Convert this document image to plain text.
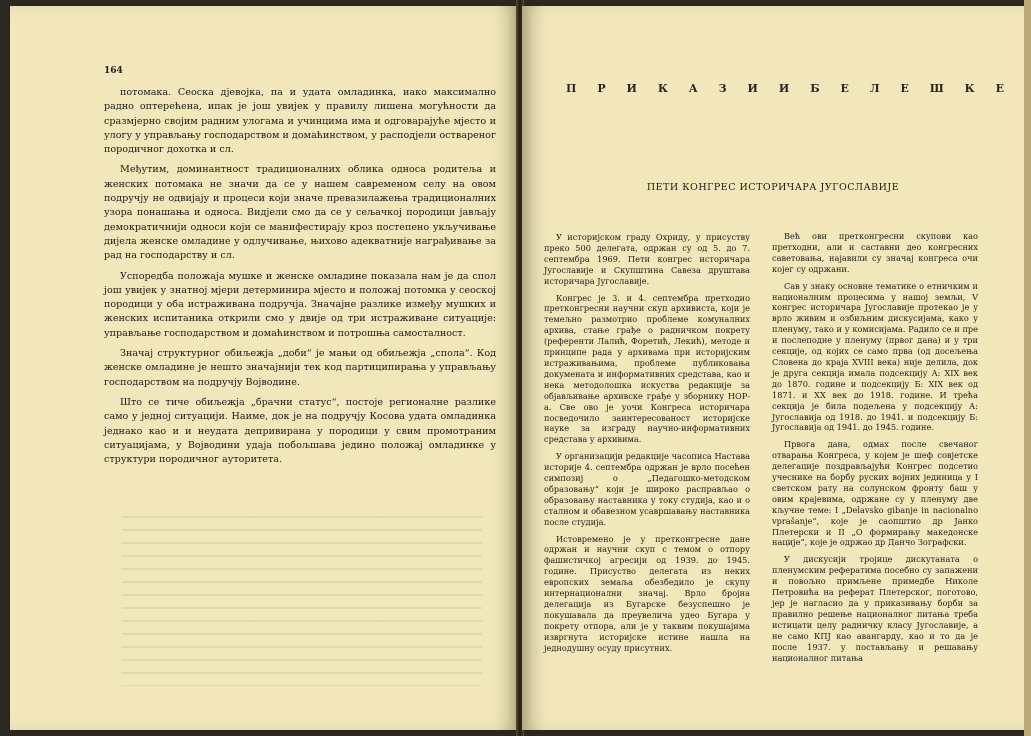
164

потомака. Сеоска дјевојка, па и удата омладинка, иако максимално радно оптерећена, ипак је још увијек у правилу лишена могућности да сразмјерно својим радним улогама и учинцима има и одговарајуће мјесто и улогу у управљању господарством и домаћинством, у расподјели оствареног породичног дохотка и сл.

Међутим, доминантност традиционалних облика односа родитеља и женских потомака не значи да се у нашем савременом селу на овом подручју не одвијају и процеси који значе превазилажења традиционалних узора понашања и односа. Видјели смо да се у сељачкој породици јављају демократичнији односи који се манифестирају кроз постепено укључивање дијела женске омладине у одлучивање, њихово адекватније награђивање за рад на господарству и сл.

Успоредба положаја мушке и женске омладине показала нам је да спол још увијек у знатној мјери детерминира мјесто и положај потомка у сеоској породици у оба истраживана подручја. Значајне разлике између мушких и женских испитаника открили смо у двије од три истраживане ситуације: управљање господарством и домаћинством и потрошња самосталност.

Значај структурног обиљежја „доби“ је мањи од обиљежја „спола“. Код женске омладине је нешто значајнији тек код партиципирања у управљању господарством на подручју Војводине.

Што се тиче обиљежја „брачни статус“, постоје регионалне разлике само у једној ситуацији. Наиме, док је на подручју Косова удата омладинка једнако као и и неудата депривирана у породици у свим промотраним ситуацијама, у Војводини удаја побољшава једино положај омладинке у структури породичног ауторитета.

П Р И К А З И И Б Е Л Е Ш К Е
ПЕТИ КОНГРЕС ИСТОРИЧАРА ЈУГОСЛАВИЈЕ

У историјском граду Охриду, у присуству преко 500 делегата, одржан су од 5. до 7. септембра 1969. Пети конгрес историчара Југославије и Скупштина Савеза друштава историчара Југославије.

Конгрес је 3. и 4. септембра претходио претконгресни научни скуп архивиста, који је темељно размотрио проблеме комуналних архива, стање грађе о радничком покрету (референти Лалић, Форетић, Лекић), методе и принципе рада у архивама при историјским истраживањима, проблеме публиковања докумената и информативних средстава, као и нека методолошка искуства редакције за објављивање архивске грађе у зборнику НОР-а. Све ово је уочи Конгреса историчара посведочило заинтересованост историјске науке за изграду научно-информативних средстава у архивима.

У организацији редакције часописа Настава историје 4. септембра одржан је врло посећен симпозиј о „Педагошко-методском образовању“ који је широко расправљао о образовању наставника у току студија, као и о сталном и обавезном усавршавању наставника после студија.

Истовремено је у претконгресне дане одржан и научни скуп с темом о отпору фашистичкој агресији од 1939. до 1945. године. Присуство делегата из неких европских земаља обезбедило је скупу интернационални значај. Врло бројна делегација из Бугарске безуспешно је покушавала да преувелича удео Бугара у покрету отпора, али је у таквим покушајима извргнута историјске истине нашла на једнодушну осуду присутних.

Већ ови претконгресни скупови као претходни, али и саставни део конгресних саветовања, најавили су значај конгреса очи којег су одржани.

Сав у знаку основне тематике о етничким и националним процесима у нашој земљи, V конгрес историчара Југославије протекао је у врло живим и озбиљним дискусијама, како у пленуму, тако и у комисијама. Радило се и пре и послеподне у пленуму (првог дана) и у три секције, од којих се само прва (од досељења Словена до краја XVIII века) није делила, док је друга секција имала подсекцију А: XIX век до 1870. године и подсекцију Б: XIX век од 1871. и XX век до 1918. године. И трећа секција је била подељена у подсекцију А: Југославија од 1918. до 1941. и подсекцију Б: Југославија од 1941. до 1945. године.

Првога дана, одмах после свечаног отварања Конгреса, у којем је шеф совјетске делегације поздрављајући Конгрес подсетио учеснике на борбу руских војних јединица у I светском рату на солунском фронту баш у овим крајевима, одржане су у пленуму две кључне теме: I „Delavsko gibanje in nacionalno vprašanje“, које је саопштио др Јанко Плетерски и II „О формирању македонске нације“, које је одржао др Данчо Зографски.

У дискусији тројице дискутаната о пленумским рефератима посебно су запажени и повољно примљене примедбе Николе Петровића на реферат Плетерског, поготово, јер је нагласио да у приказивању борби за правилно решење националног питања треба истицати целу радничку класу Југославије, а не само КПЈ као авангарду, као и то да је после 1937. у постављању и решавању националног питања
